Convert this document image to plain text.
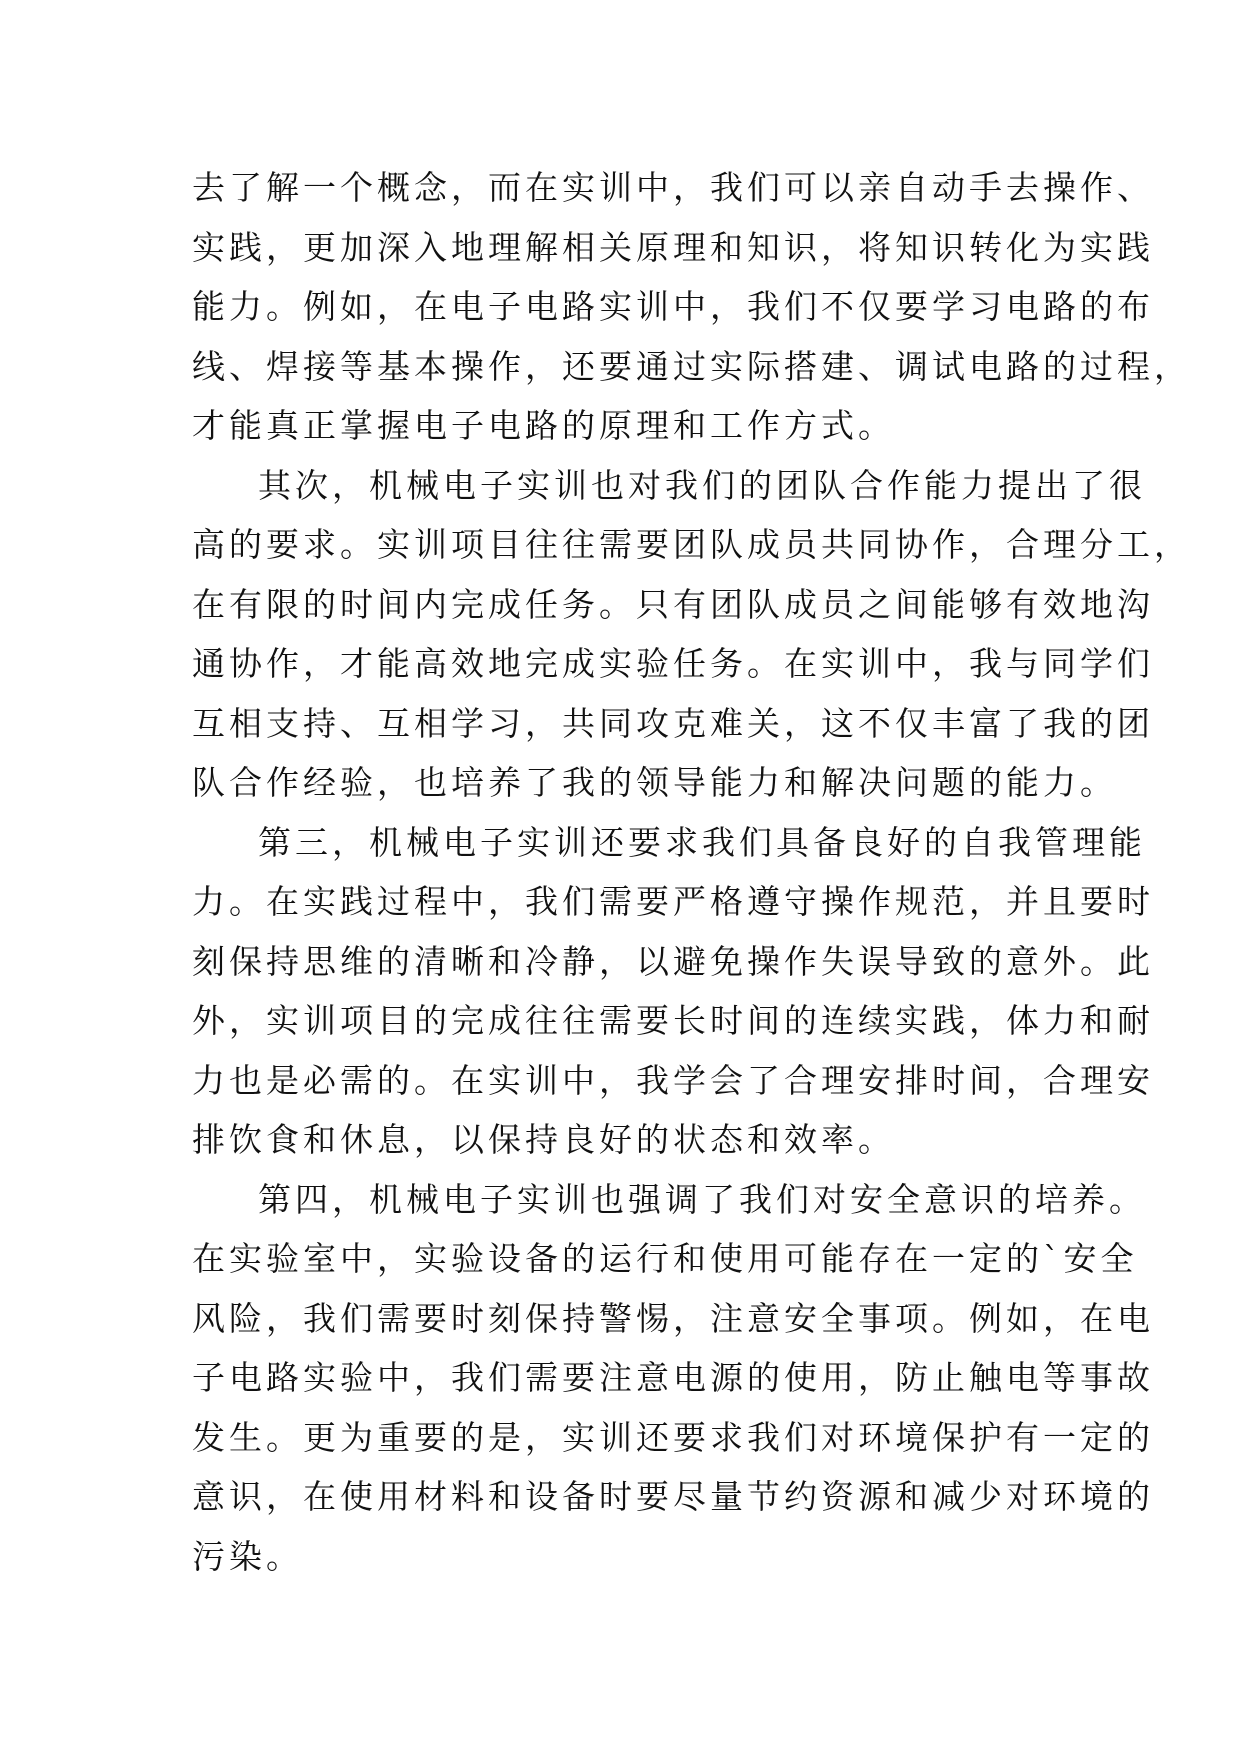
去了解一个概念，而在实训中，我们可以亲自动手去操作、
实践，更加深入地理解相关原理和知识，将知识转化为实践
能力。例如，在电子电路实训中，我们不仅要学习电路的布
线、焊接等基本操作，还要通过实际搭建、调试电路的过程，
才能真正掌握电子电路的原理和工作方式。
其次，机械电子实训也对我们的团队合作能力提出了很
高的要求。实训项目往往需要团队成员共同协作，合理分工，
在有限的时间内完成任务。只有团队成员之间能够有效地沟
通协作，才能高效地完成实验任务。在实训中，我与同学们
互相支持、互相学习，共同攻克难关，这不仅丰富了我的团
队合作经验，也培养了我的领导能力和解决问题的能力。
第三，机械电子实训还要求我们具备良好的自我管理能
力。在实践过程中，我们需要严格遵守操作规范，并且要时
刻保持思维的清晰和冷静，以避免操作失误导致的意外。此
外，实训项目的完成往往需要长时间的连续实践，体力和耐
力也是必需的。在实训中，我学会了合理安排时间，合理安
排饮食和休息，以保持良好的状态和效率。
第四，机械电子实训也强调了我们对安全意识的培养。
在实验室中，实验设备的运行和使用可能存在一定的`安全
风险，我们需要时刻保持警惕，注意安全事项。例如，在电
子电路实验中，我们需要注意电源的使用，防止触电等事故
发生。更为重要的是，实训还要求我们对环境保护有一定的
意识，在使用材料和设备时要尽量节约资源和减少对环境的
污染。
